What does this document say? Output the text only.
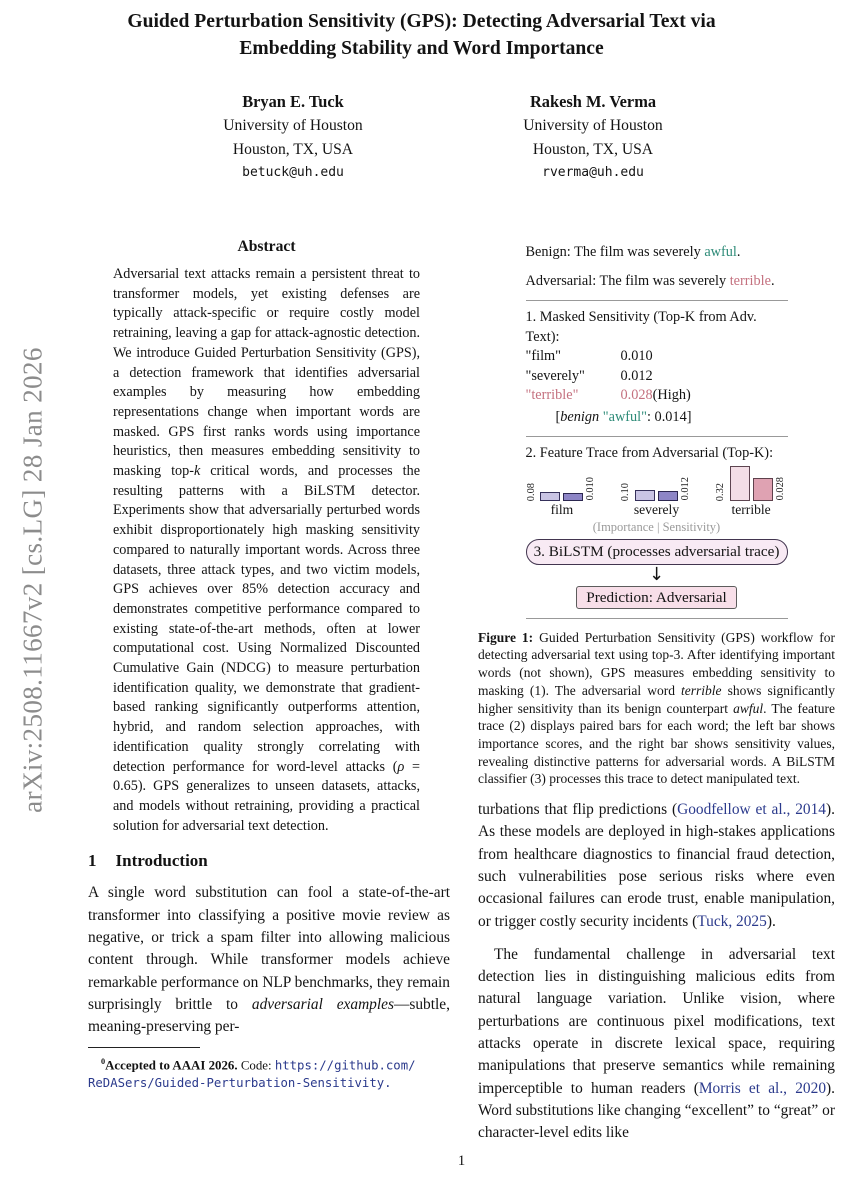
arXiv:2508.11667v2 [cs.LG] 28 Jan 2026
Guided Perturbation Sensitivity (GPS): Detecting Adversarial Text via
Embedding Stability and Word Importance
Bryan E. Tuck
University of Houston
Houston, TX, USA
betuck@uh.edu
Rakesh M. Verma
University of Houston
Houston, TX, USA
rverma@uh.edu
Abstract

Adversarial text attacks remain a persistent threat to transformer models, yet existing defenses are typically attack-specific or require costly model retraining, leaving a gap for attack-agnostic detection. We introduce Guided Perturbation Sensitivity (GPS), a detection framework that identifies adversarial examples by measuring how embedding representations change when important words are masked. GPS first ranks words using importance heuristics, then measures embedding sensitivity to masking top-k critical words, and processes the resulting patterns with a BiLSTM detector. Experiments show that adversarially perturbed words exhibit disproportionately high masking sensitivity compared to naturally important words. Across three datasets, three attack types, and two victim models, GPS achieves over 85% detection accuracy and demonstrates competitive performance compared to existing state-of-the-art methods, often at lower computational cost. Using Normalized Discounted Cumulative Gain (NDCG) to measure perturbation identification quality, we demonstrate that gradient-based ranking significantly outperforms attention, hybrid, and random selection approaches, with identification quality strongly correlating with detection performance for word-level attacks (ρ = 0.65). GPS generalizes to unseen datasets, attacks, and models without retraining, providing a practical solution for adversarial text detection.

1 Introduction

A single word substitution can fool a state-of-the-art transformer into classifying a positive movie review as negative, or trick a spam filter into allowing malicious content through. While transformer models achieve remarkable performance on NLP benchmarks, they remain surprisingly brittle to adversarial examples—subtle, meaning-preserving per-

$^0$Accepted to AAAI 2026. Code: https://github.com/
ReDASers/Guided-Perturbation-Sensitivity.
Benign: The film was severely awful.
Adversarial: The film was severely terrible.
1. Masked Sensitivity (Top-K from Adv. Text):
"film"	0.010
"severely"	0.012
"terrible"	0.028 (High)
[benign "awful": 0.014]
2. Feature Trace from Adversarial (Top-K):
0.08	0.010
film
0.10	0.012
severely
0.32	0.028
terrible
(Importance | Sensitivity)
3. BiLSTM (processes adversarial trace)
↓
Prediction: Adversarial

Figure 1: Guided Perturbation Sensitivity (GPS) workflow for detecting adversarial text using top-3. After identifying important words (not shown), GPS measures embedding sensitivity to masking (1). The adversarial word terrible shows significantly higher sensitivity than its benign counterpart awful. The feature trace (2) displays paired bars for each word; the left bar shows importance scores, and the right bar shows sensitivity values, revealing distinctive patterns for adversarial words. A BiLSTM classifier (3) processes this trace to detect manipulated text.

turbations that flip predictions (Goodfellow et al., 2014). As these models are deployed in high-stakes applications from healthcare diagnostics to financial fraud detection, such vulnerabilities pose serious risks where even occasional failures can erode trust, enable manipulation, or trigger costly security incidents (Tuck, 2025).

The fundamental challenge in adversarial text detection lies in distinguishing malicious edits from natural language variation. Unlike vision, where perturbations are continuous pixel modifications, text attacks operate in discrete lexical space, requiring manipulations that preserve semantics while remaining imperceptible to human readers (Morris et al., 2020). Word substitutions like changing “excellent” to “great” or character-level edits like

1
